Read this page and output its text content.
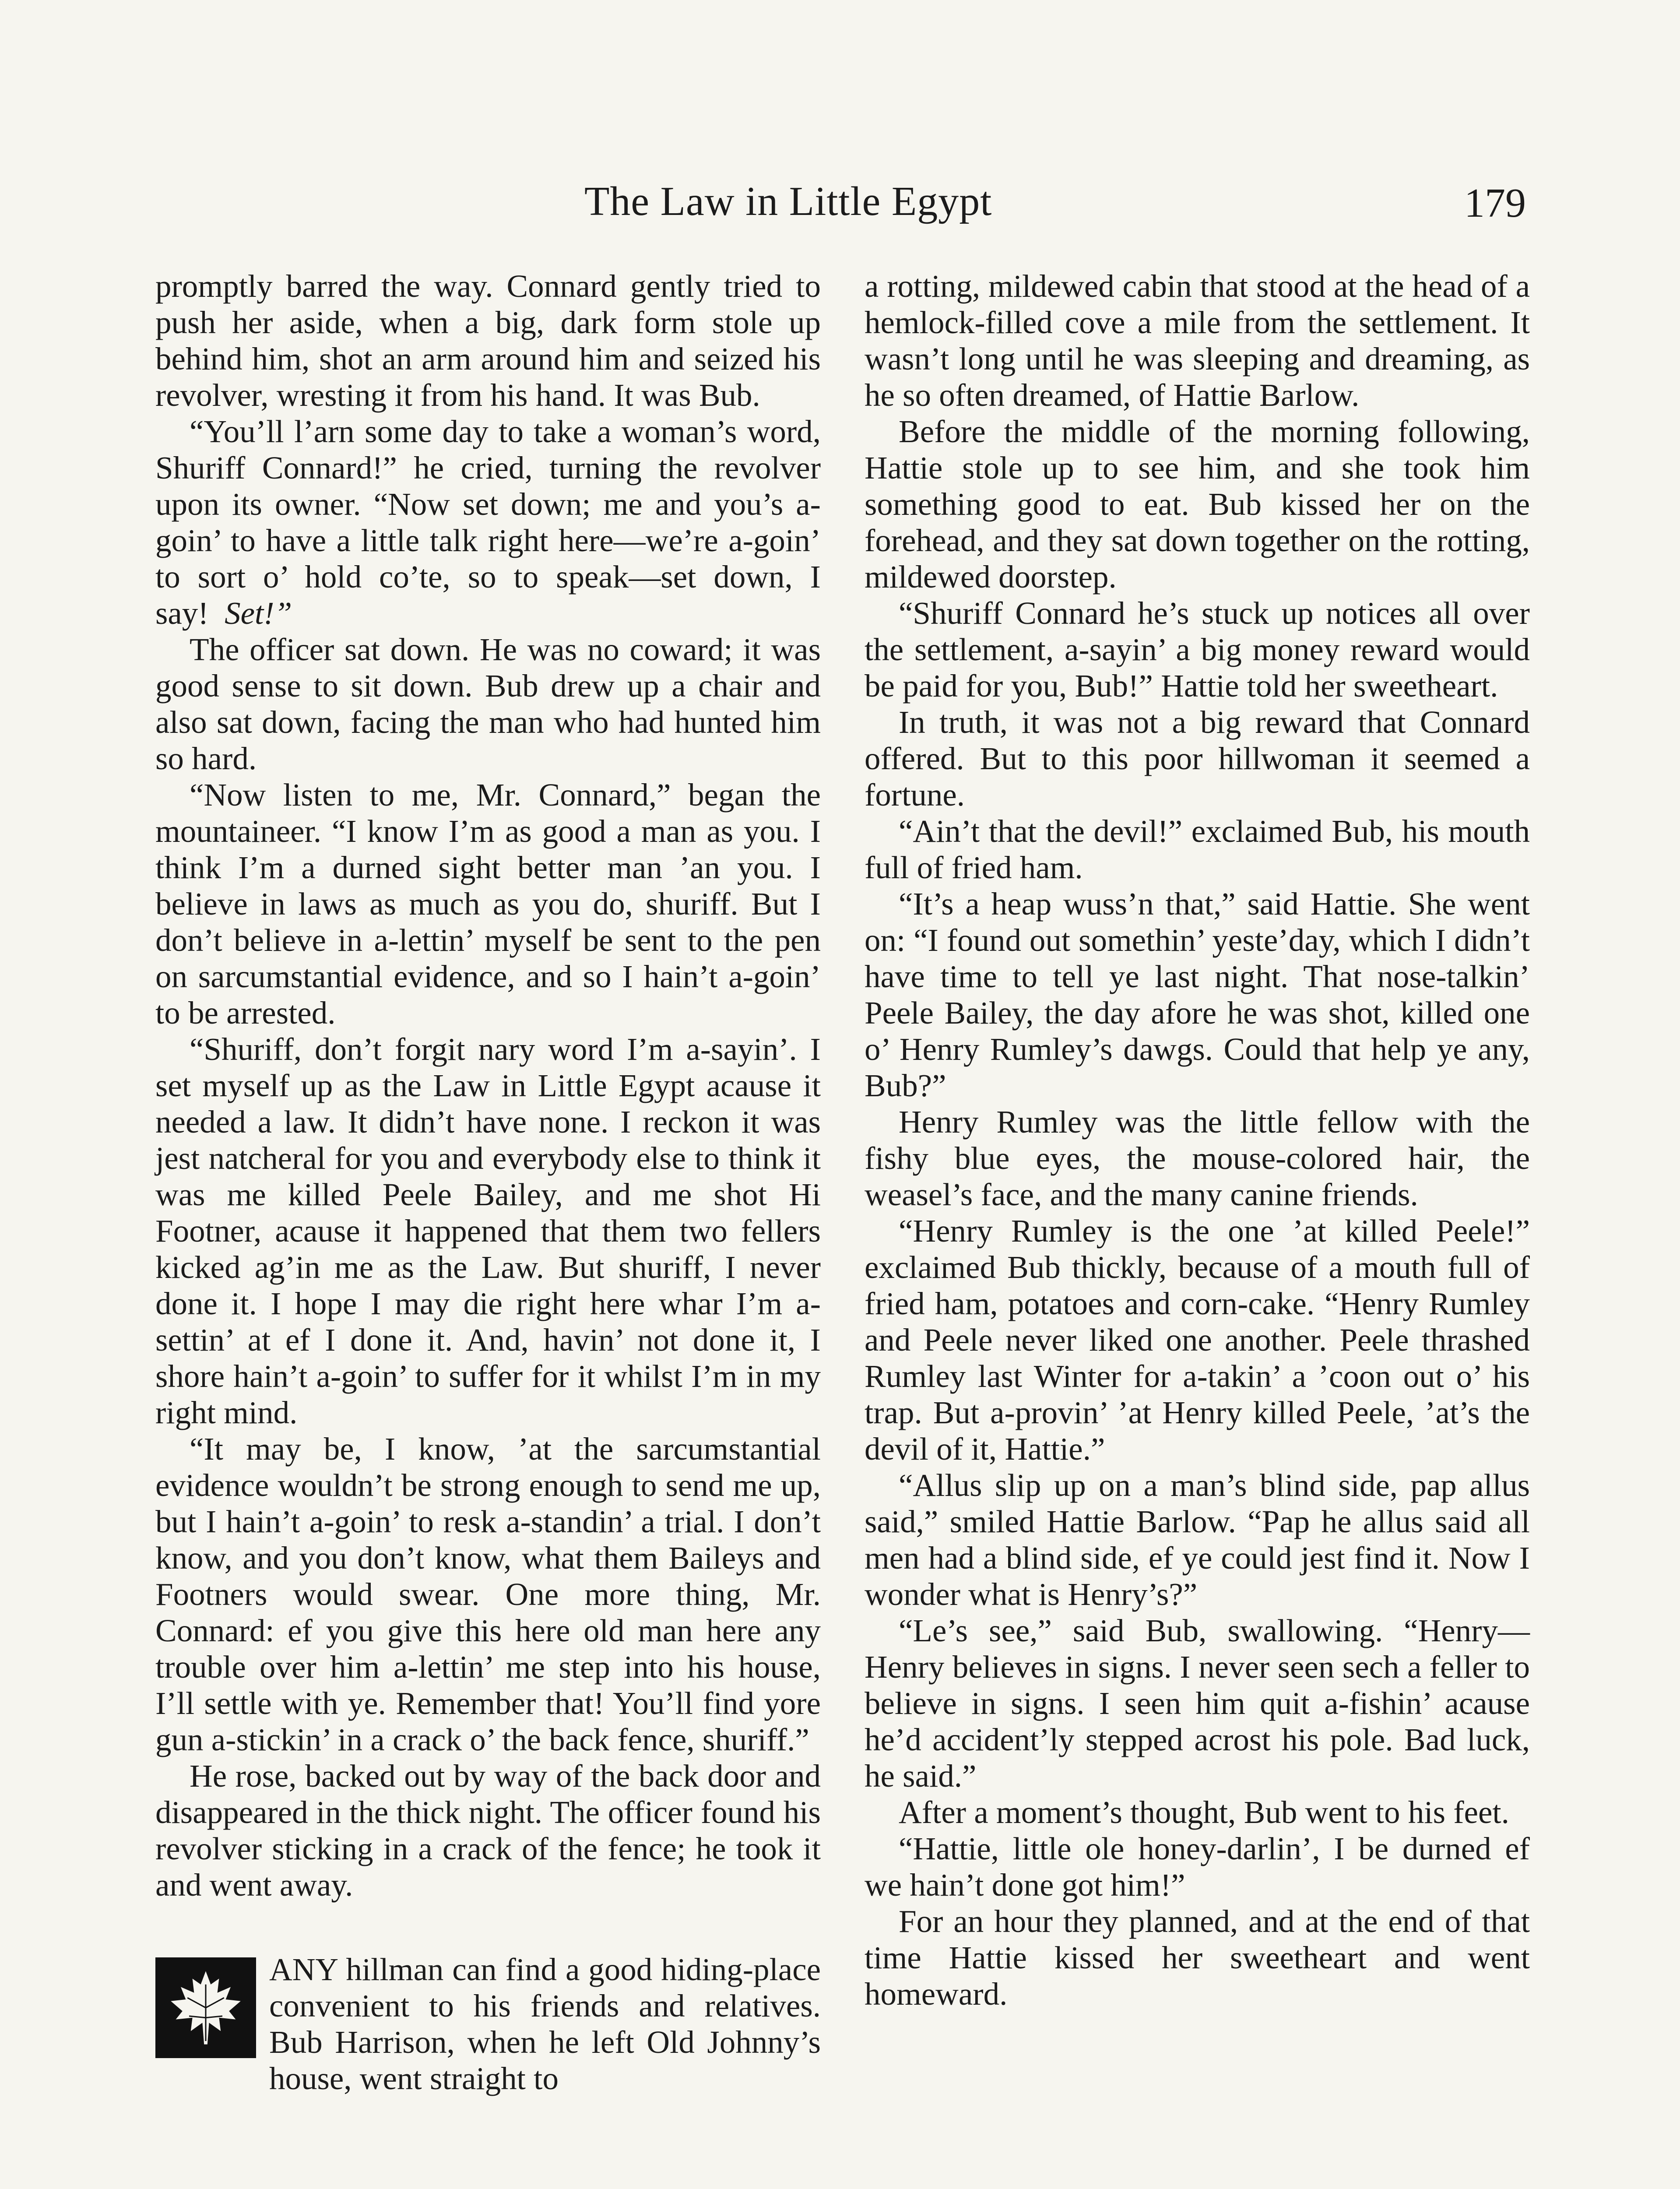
The Law in Little Egypt	179

promptly barred the way. Connard gently tried to push her aside, when a big, dark form stole up behind him, shot an arm around him and seized his revolver, wresting it from his hand. It was Bub.

“You’ll l’arn some day to take a woman’s word, Shuriff Connard!” he cried, turning the revolver upon its owner. “Now set down; me and you’s a-goin’ to have a little talk right here—we’re a-goin’ to sort o’ hold co’te, so to speak—set down, I say! Set!”

The officer sat down. He was no coward; it was good sense to sit down. Bub drew up a chair and also sat down, facing the man who had hunted him so hard.

“Now listen to me, Mr. Connard,” began the mountaineer. “I know I’m as good a man as you. I think I’m a durned sight better man ’an you. I believe in laws as much as you do, shuriff. But I don’t believe in a-lettin’ myself be sent to the pen on sarcumstantial evidence, and so I hain’t a-goin’ to be arrested.

“Shuriff, don’t forgit nary word I’m a-sayin’. I set myself up as the Law in Little Egypt acause it needed a law. It didn’t have none. I reckon it was jest natcheral for you and everybody else to think it was me killed Peele Bailey, and me shot Hi Footner, acause it happened that them two fellers kicked ag’in me as the Law. But shuriff, I never done it. I hope I may die right here whar I’m a-settin’ at ef I done it. And, havin’ not done it, I shore hain’t a-goin’ to suffer for it whilst I’m in my right mind.

“It may be, I know, ’at the sarcumstantial evidence wouldn’t be strong enough to send me up, but I hain’t a-goin’ to resk a-standin’ a trial. I don’t know, and you don’t know, what them Baileys and Footners would swear. One more thing, Mr. Connard: ef you give this here old man here any trouble over him a-lettin’ me step into his house, I’ll settle with ye. Remember that! You’ll find yore gun a-stickin’ in a crack o’ the back fence, shuriff.”

He rose, backed out by way of the back door and disappeared in the thick night. The officer found his revolver sticking in a crack of the fence; he took it and went away.

ANY hillman can find a good hiding-place convenient to his friends and relatives. Bub Harrison, when he left Old Johnny’s house, went straight to

a rotting, mildewed cabin that stood at the head of a hemlock-filled cove a mile from the settlement. It wasn’t long until he was sleeping and dreaming, as he so often dreamed, of Hattie Barlow.

Before the middle of the morning following, Hattie stole up to see him, and she took him something good to eat. Bub kissed her on the forehead, and they sat down together on the rotting, mildewed doorstep.

“Shuriff Connard he’s stuck up notices all over the settlement, a-sayin’ a big money reward would be paid for you, Bub!” Hattie told her sweetheart.

In truth, it was not a big reward that Connard offered. But to this poor hillwoman it seemed a fortune.

“Ain’t that the devil!” exclaimed Bub, his mouth full of fried ham.

“It’s a heap wuss’n that,” said Hattie. She went on: “I found out somethin’ yeste’day, which I didn’t have time to tell ye last night. That nose-talkin’ Peele Bailey, the day afore he was shot, killed one o’ Henry Rumley’s dawgs. Could that help ye any, Bub?”

Henry Rumley was the little fellow with the fishy blue eyes, the mouse-colored hair, the weasel’s face, and the many canine friends.

“Henry Rumley is the one ’at killed Peele!” exclaimed Bub thickly, because of a mouth full of fried ham, potatoes and corn-cake. “Henry Rumley and Peele never liked one another. Peele thrashed Rumley last Winter for a-takin’ a ’coon out o’ his trap. But a-provin’ ’at Henry killed Peele, ’at’s the devil of it, Hattie.”

“Allus slip up on a man’s blind side, pap allus said,” smiled Hattie Barlow. “Pap he allus said all men had a blind side, ef ye could jest find it. Now I wonder what is Henry’s?”

“Le’s see,” said Bub, swallowing. “Henry—Henry believes in signs. I never seen sech a feller to believe in signs. I seen him quit a-fishin’ acause he’d accident’ly stepped acrost his pole. Bad luck, he said.”

After a moment’s thought, Bub went to his feet.

“Hattie, little ole honey-darlin’, I be durned ef we hain’t done got him!”

For an hour they planned, and at the end of that time Hattie kissed her sweetheart and went homeward.
